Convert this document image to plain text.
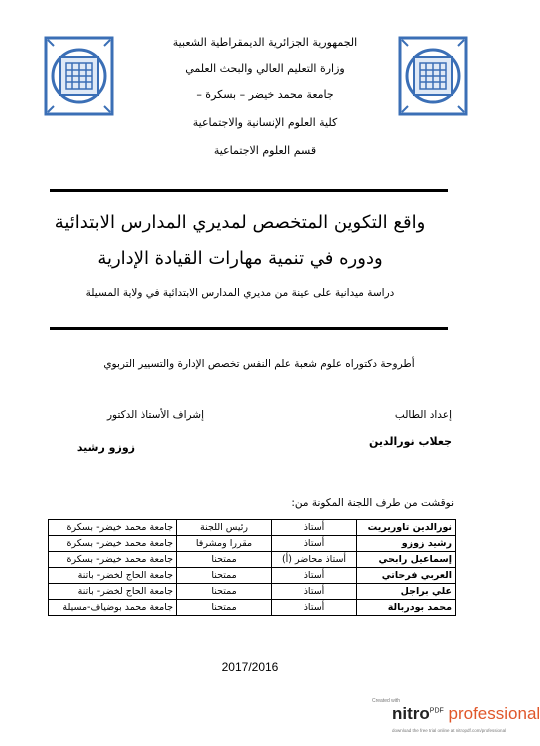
الجمهورية الجزائرية الديمقراطية الشعبية
وزارة التعليم العالي والبحث العلمي
جامعة محمد خيضر – بسكرة –
كلية العلوم الإنسانية والاجتماعية
قسم العلوم الاجتماعية
واقع التكوين المتخصص لمديري المدارس الابتدائية
ودوره في تنمية مهارات القيادة الإدارية
دراسة ميدانية على عينة من مديري المدارس الابتدائية في ولاية المسيلة
أطروحة دكتوراه علوم شعبة علم النفس تخصص الإدارة والتسيير التربوي
إعداد الطالب
إشراف الأستاذ الدكتور
جعلاب نورالدين
زوزو رشيد
نوقشت من طرف اللجنة المكونة من:
نورالدين تاوريريت	أستاذ	رئيس اللجنة	جامعة محمد خيضر- بسكرة
رشيد زوزو	أستاذ	مقررا ومشرفا	جامعة محمد خيضر- بسكرة
إسماعيل رابحي	أستاذ محاضر (أ)	ممتحنا	جامعة محمد خيضر- بسكرة
العربي فرحاتي	أستاذ	ممتحنا	جامعة الحاج لخضر- باتنة
علي براجل	أستاذ	ممتحنا	جامعة الحاج لخضر- باتنة
محمد بودربالة	أستاذ	ممتحنا	جامعة محمد بوضياف-مسيلة
2017/2016
Created with
nitro$^{PDF}$ professional
download the free trial online at nitropdf.com/professional
